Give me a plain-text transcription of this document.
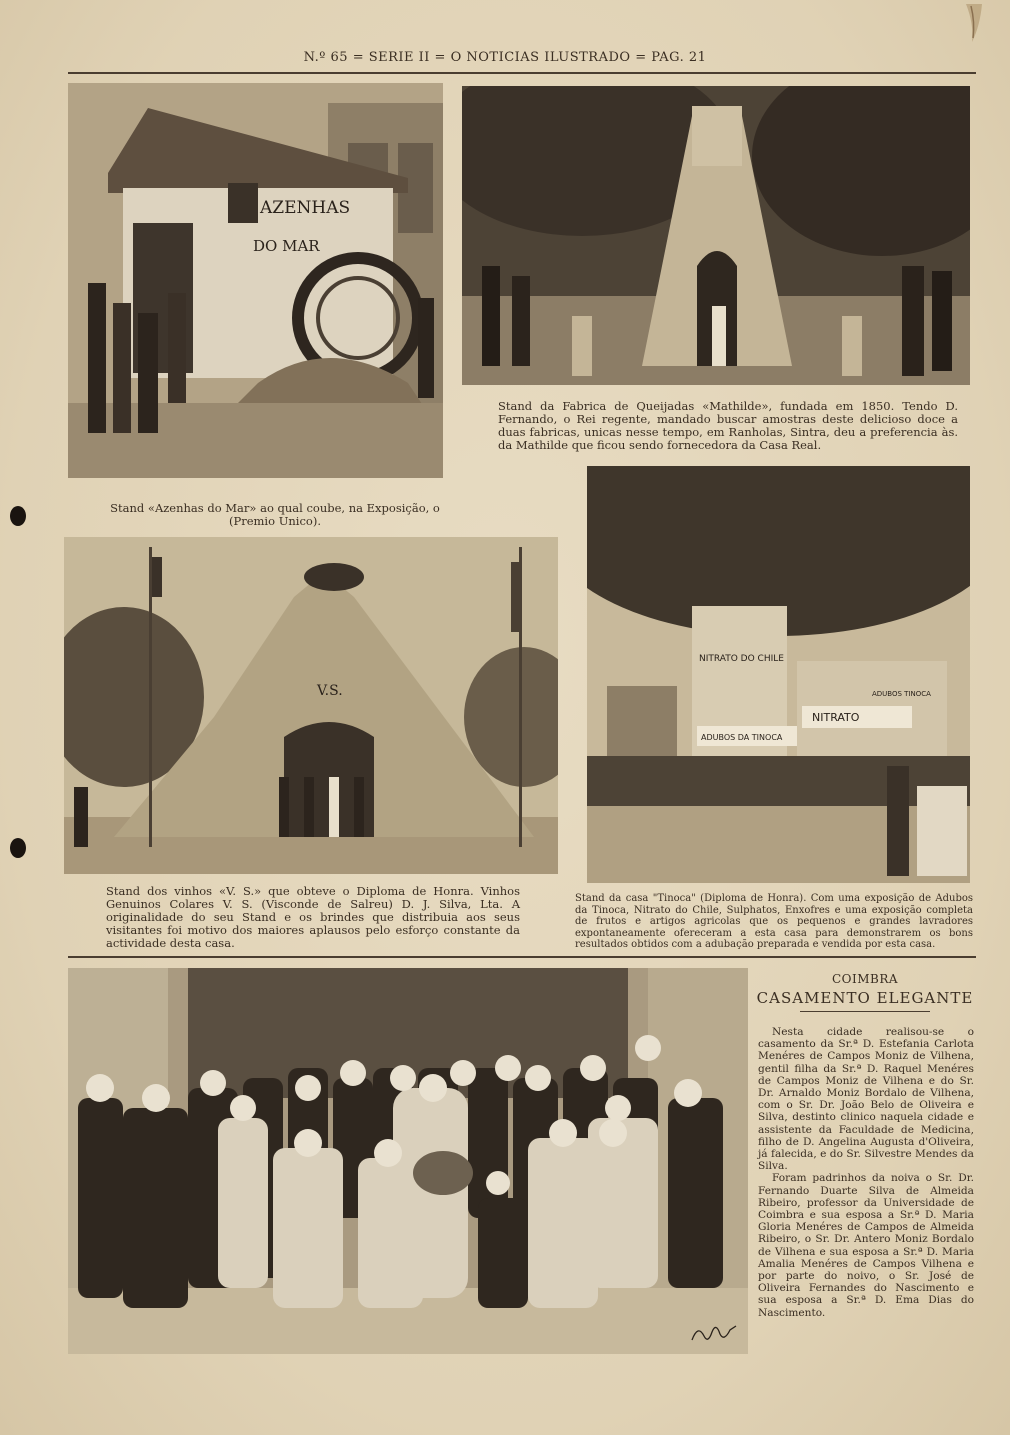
N.º 65 = SERIE II = O NOTICIAS ILUSTRADO = PAG. 21
AZENHAS
DO MAR
Stand da Fabrica de Queijadas «Mathilde», fundada em 1850. Tendo D. Fernando, o Rei regente, mandado buscar amostras deste delicioso doce a duas fabricas, unicas nesse tempo, em Ranholas, Sintra, deu a preferencia às. da Mathilde que ficou sendo fornecedora da Casa Real.
Stand «Azenhas do Mar» ao qual coube, na Exposição, o (Premio Unico).
V.S.
NITRATO DO CHILE
ADUBOS DA TINOCA
NITRATO
ADUBOS TINOCA
Stand dos vinhos «V. S.» que obteve o Diploma de Honra. Vinhos Genuinos Colares V. S. (Visconde de Salreu) D. J. Silva, Lta. A originalidade do seu Stand e os brindes que distribuia aos seus visitantes foi motivo dos maiores aplausos pelo esforço constante da actividade desta casa.
Stand da casa "Tinoca" (Diploma de Honra). Com uma exposição de Adubos da Tinoca, Nitrato do Chile, Sulphatos, Enxofres e uma exposição completa de frutos e artigos agricolas que os pequenos e grandes lavradores expontaneamente ofereceram a esta casa para demonstrarem os bons resultados obtidos com a adubação preparada e vendida por esta casa.
COIMBRA
CASAMENTO ELEGANTE

Nesta cidade realisou-se o casamento da Sr.ª D. Estefania Carlota Menéres de Campos Moniz de Vilhena, gentil filha da Sr.ª D. Raquel Menéres de Campos Moniz de Vilhena e do Sr. Dr. Arnaldo Moniz Bordalo de Vilhena, com o Sr. Dr. João Belo de Oliveira e Silva, destinto clinico naquela cidade e assistente da Faculdade de Medicina, filho de D. Angelina Augusta d'Oliveira, já falecida, e do Sr. Silvestre Mendes da Silva.

Foram padrinhos da noiva o Sr. Dr. Fernando Duarte Silva de Almeida Ribeiro, professor da Universidade de Coimbra e sua esposa a Sr.ª D. Maria Gloria Menéres de Campos de Almeida Ribeiro, o Sr. Dr. Antero Moniz Bordalo de Vilhena e sua esposa a Sr.ª D. Maria Amalia Menéres de Campos Vilhena e por parte do noivo, o Sr. José de Oliveira Fernandes do Nascimento e sua esposa a Sr.ª D. Ema Dias do Nascimento.
